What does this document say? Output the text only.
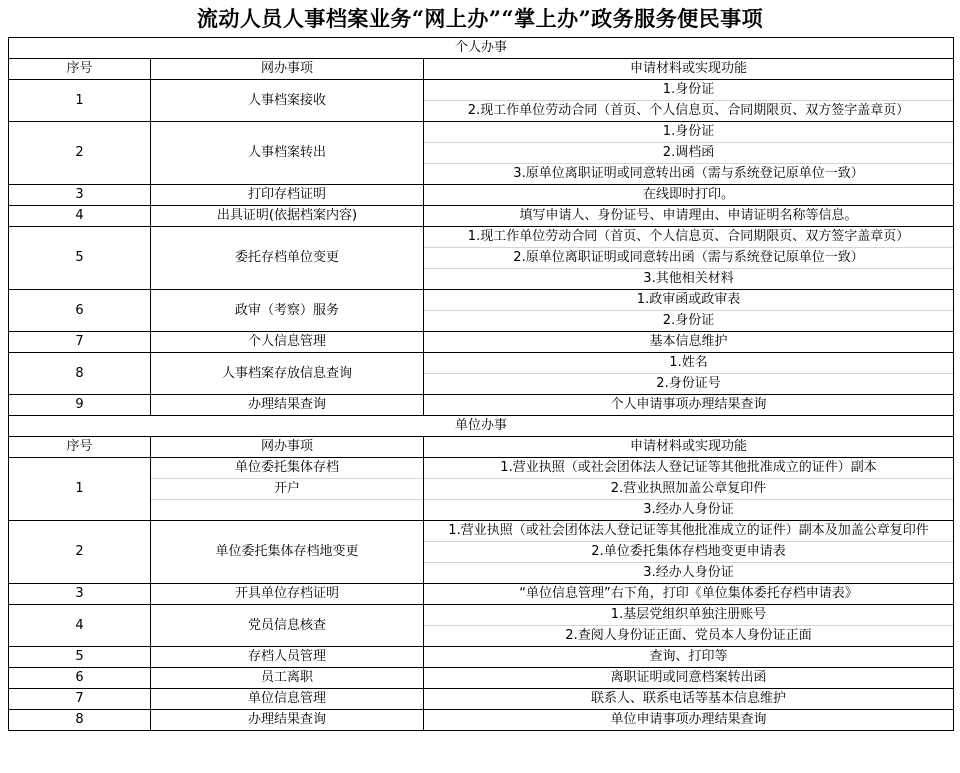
流动人员人事档案业务“网上办”“掌上办”政务服务便民事项
个人办事		
序号	网办事项	申请材料或实现功能
1	人事档案接收	1.身份证
		2.现工作单位劳动合同（首页、个人信息页、合同期限页、双方签字盖章页）
2	人事档案转出	1.身份证
		2.调档函
		3.原单位离职证明或同意转出函（需与系统登记原单位一致）
3	打印存档证明	在线即时打印。
4	出具证明(依据档案内容)	填写申请人、身份证号、申请理由、申请证明名称等信息。
5	委托存档单位变更	1.现工作单位劳动合同（首页、个人信息页、合同期限页、双方签字盖章页）
		2.原单位离职证明或同意转出函（需与系统登记原单位一致）
		3.其他相关材料
6	政审（考察）服务	1.政审函或政审表
		2.身份证
7	个人信息管理	基本信息维护
8	人事档案存放信息查询	1.姓名
		2.身份证号
9	办理结果查询	个人申请事项办理结果查询
单位办事		
序号	网办事项	申请材料或实现功能
1	单位委托集体存档	1.营业执照（或社会团体法人登记证等其他批准成立的证件）副本
	开户	2.营业执照加盖公章复印件
		3.经办人身份证
2	单位委托集体存档地变更	1.营业执照（或社会团体法人登记证等其他批准成立的证件）副本及加盖公章复印件

		2.单位委托集体存档地变更申请表
		3.经办人身份证
3	开具单位存档证明	“单位信息管理”右下角，打印《单位集体委托存档申请表》
4	党员信息核查	1.基层党组织单独注册账号
		2.查阅人身份证正面、党员本人身份证正面
5	存档人员管理	查询、打印等
6	员工离职	离职证明或同意档案转出函
7	单位信息管理	联系人、联系电话等基本信息维护
8	办理结果查询	单位申请事项办理结果查询
